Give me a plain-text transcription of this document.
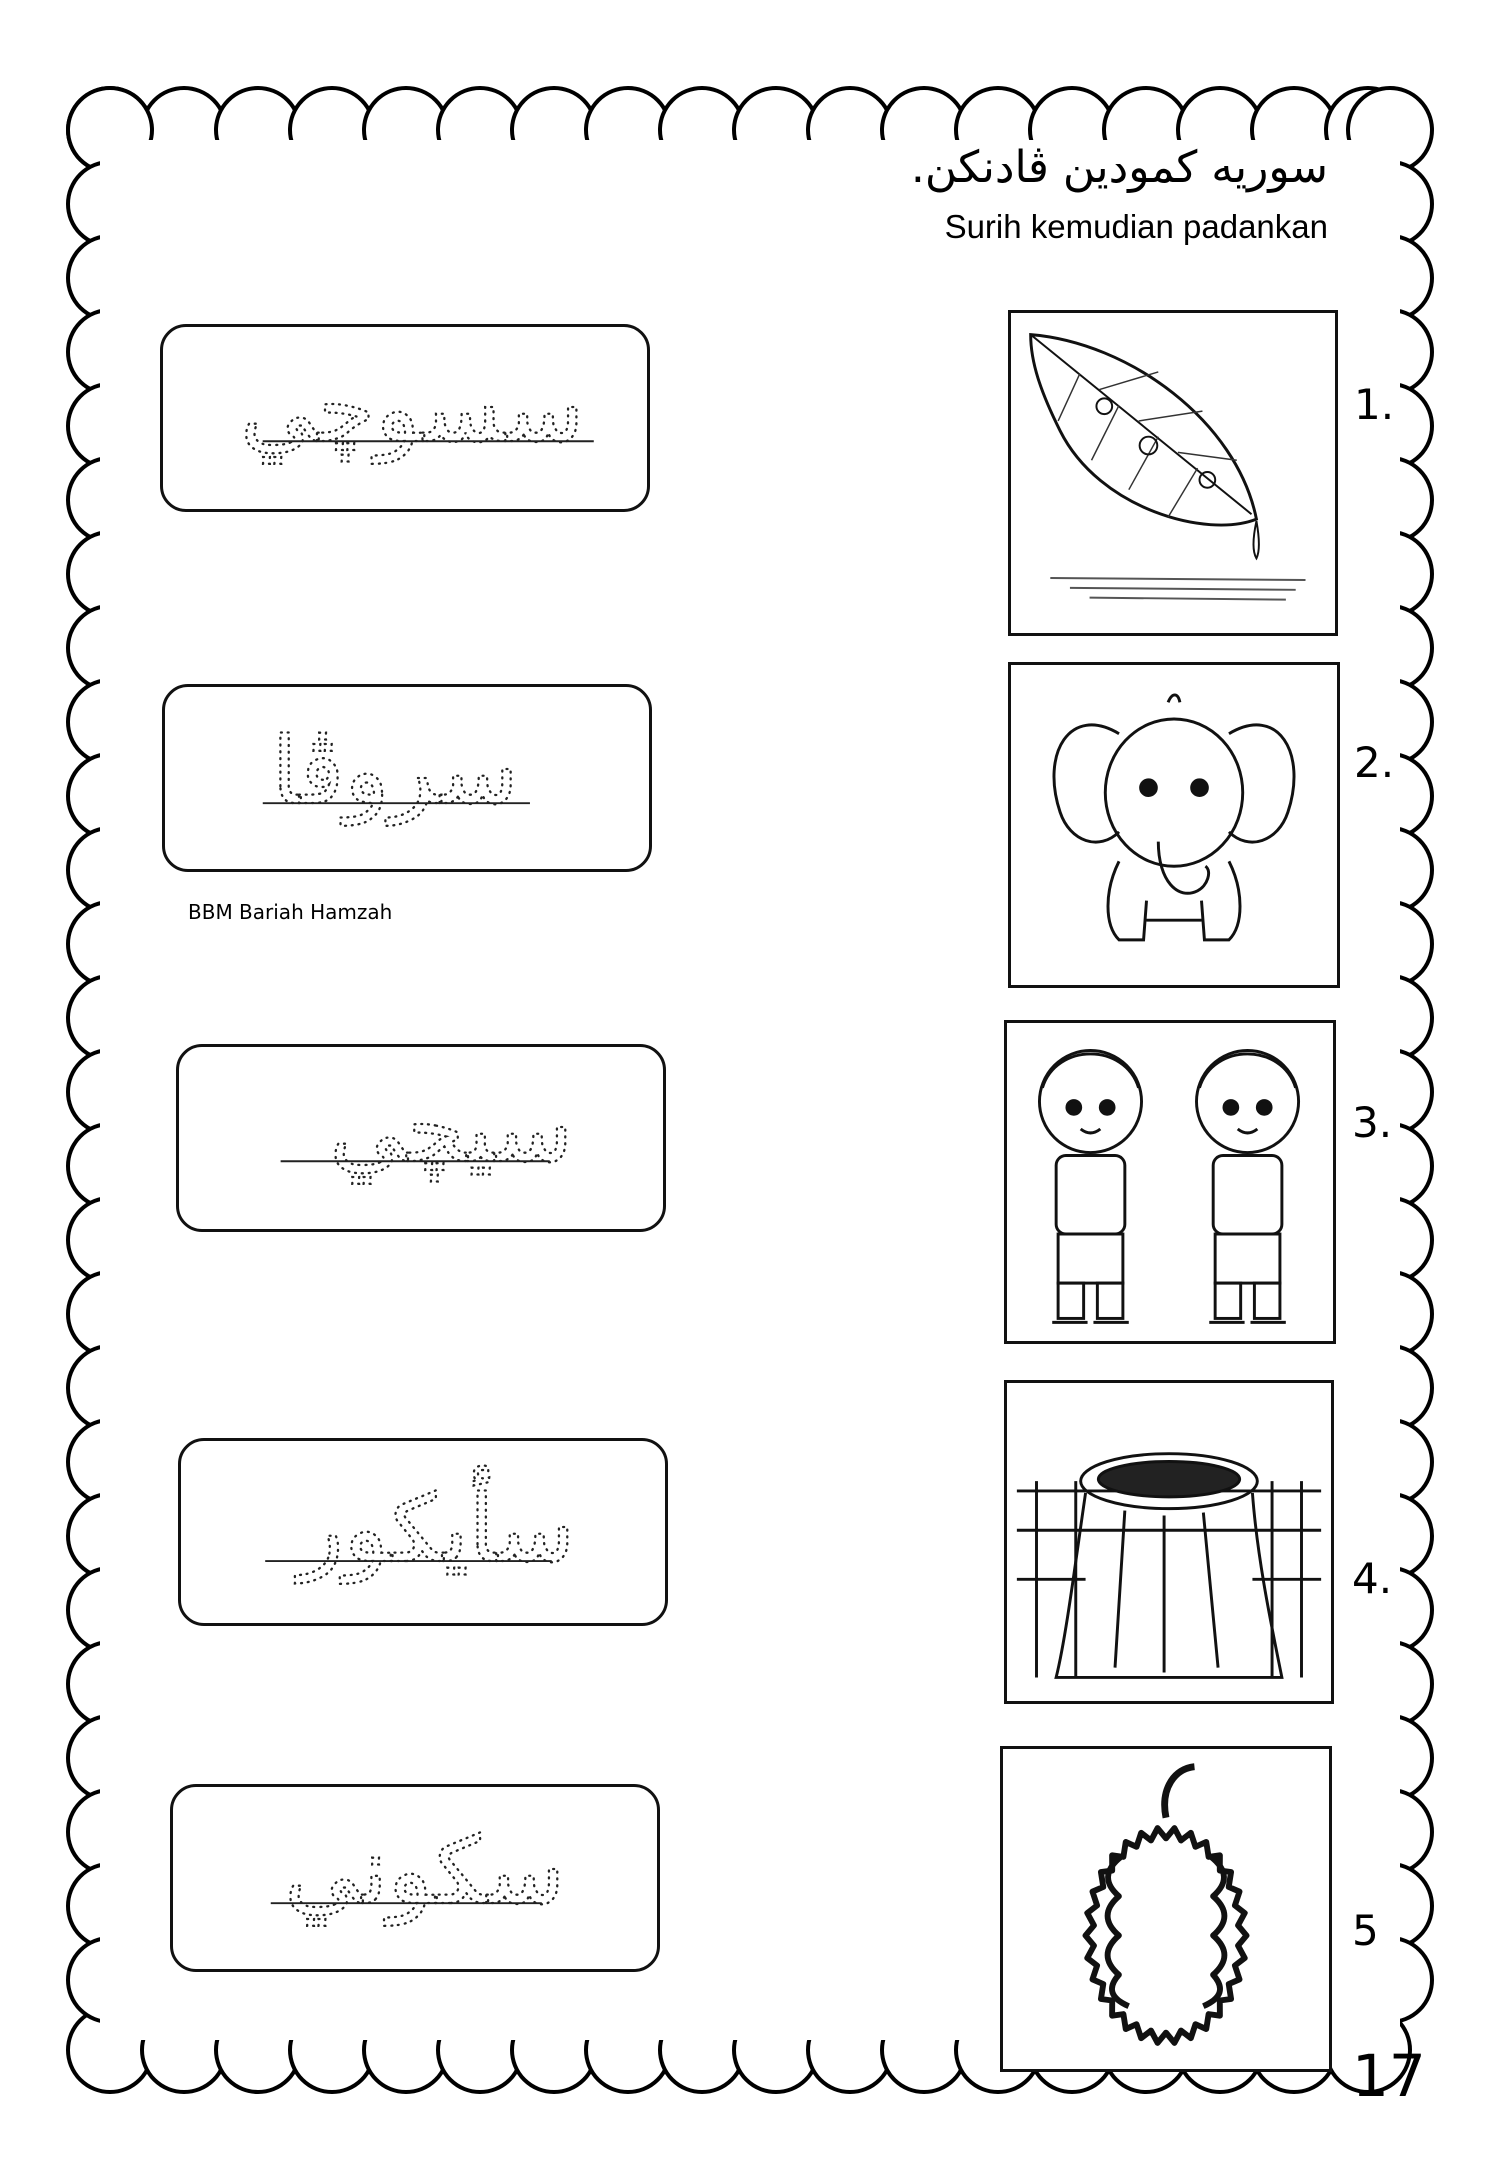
سوريه كمودين ڤادنكن.
Surih kemudian padankan
سسوچي
سروڤا
سيچي
سأيكور
سكوني
BBM Bariah Hamzah
1.
2.
3.
4.
5
17
